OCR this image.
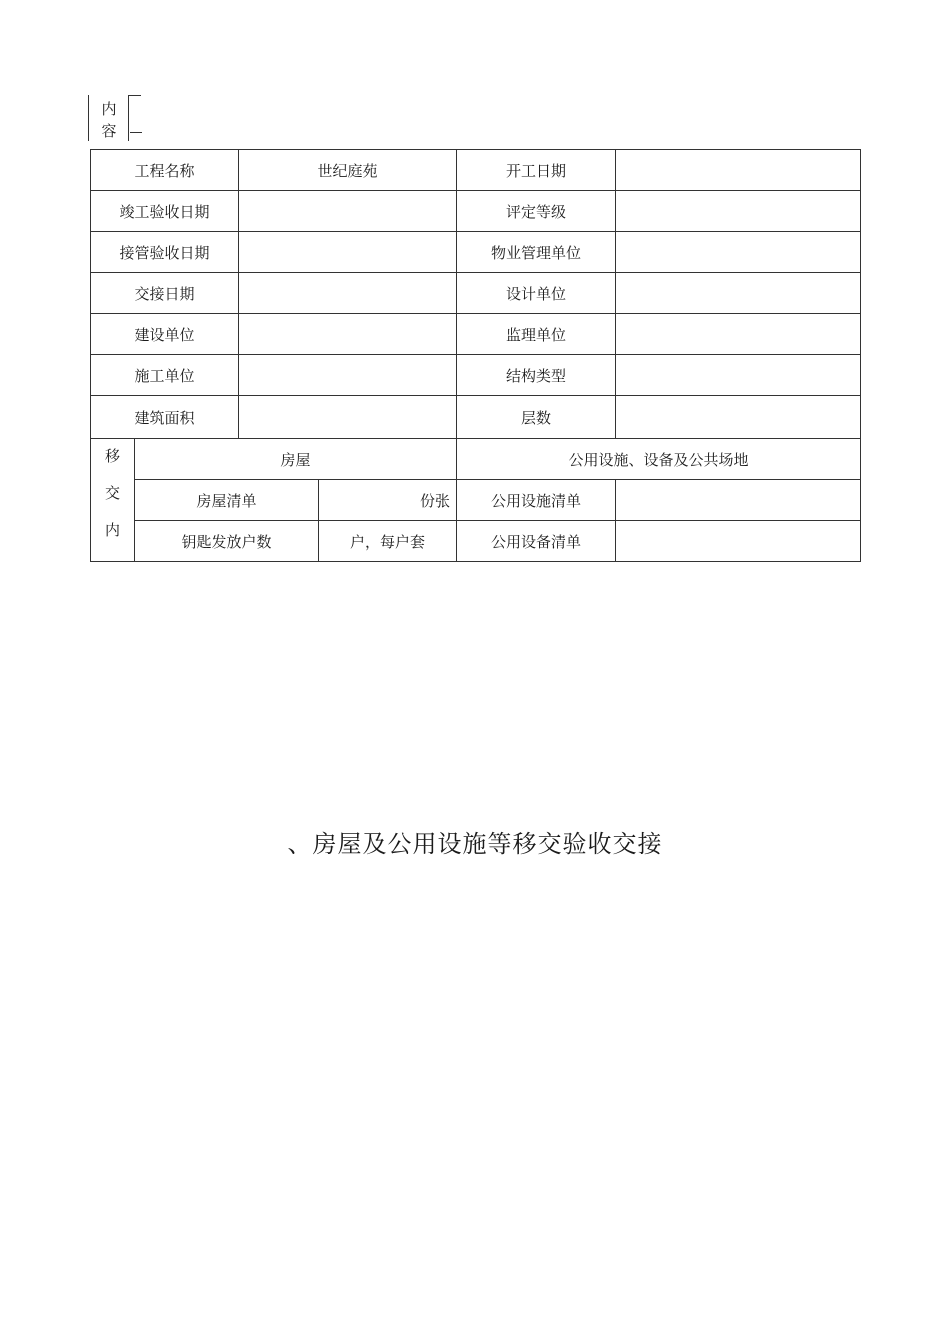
内
容
工程名称		世纪庭苑		开工日期	
竣工验收日期				评定等级	
接管验收日期				物业管理单位	
交接日期				设计单位	
建设单位				监理单位	
施工单位				结构类型	
建筑面积				层数	

移
交
内	房屋			公用设施、设备及公共场地	
	房屋清单		份张	公用设施清单	
	钥匙发放户数		户，每户套	公用设备清单	
、房屋及公用设施等移交验收交接
